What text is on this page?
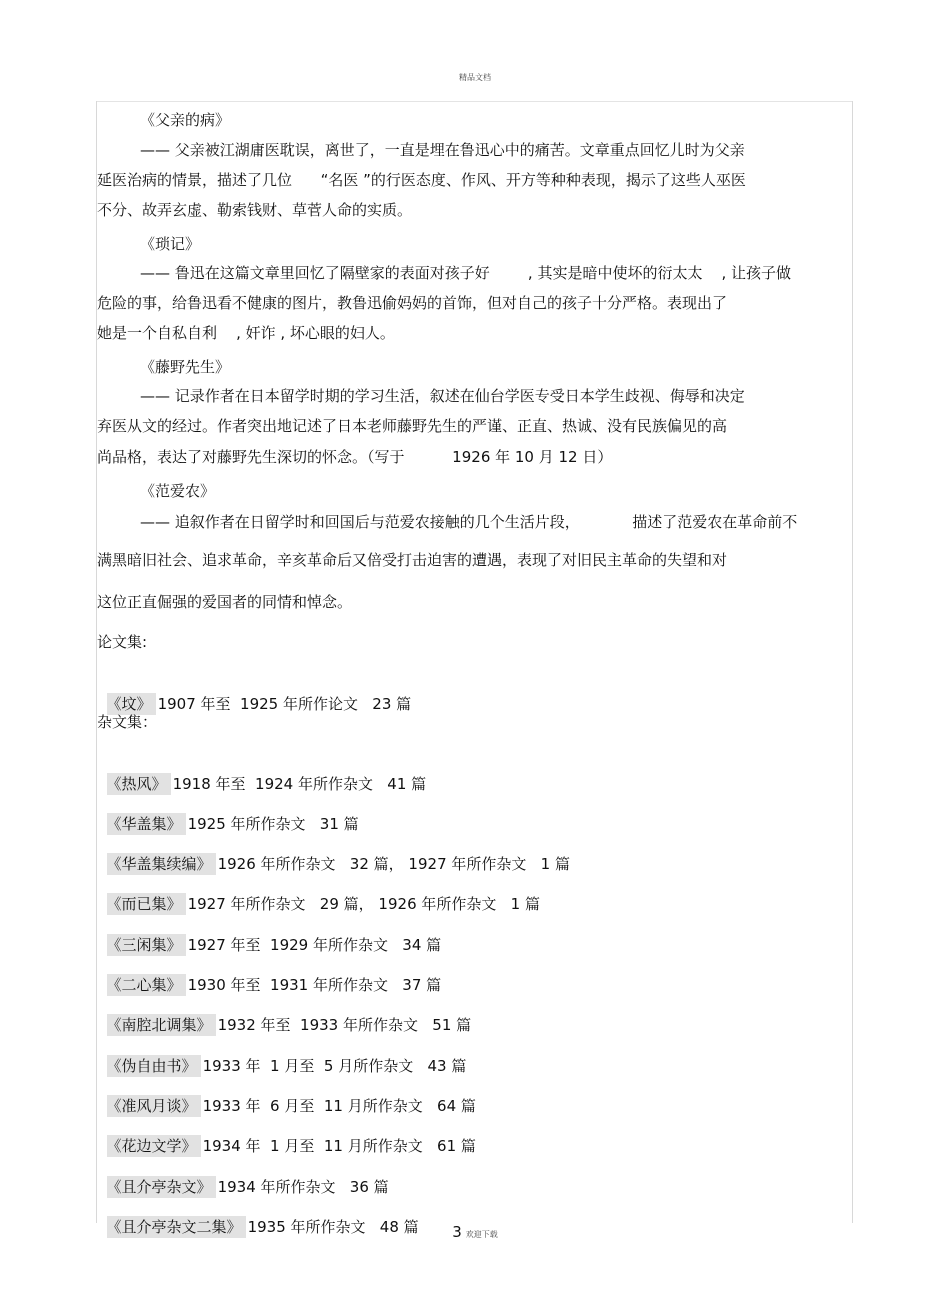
精品文档
《父亲的病》
—— 父亲被江湖庸医耽误，离世了，一直是埋在鲁迅心中的痛苦。文章重点回忆儿时为父亲
延医治病的情景，描述了几位      “名医 ”的行医态度、作风、开方等种种表现，揭示了这些人巫医
不分、故弄玄虚、勒索钱财、草菅人命的实质。
《琐记》
—— 鲁迅在这篇文章里回忆了隔壁家的表面对孩子好        , 其实是暗中使坏的衍太太    , 让孩子做
危险的事，给鲁迅看不健康的图片，教鲁迅偷妈妈的首饰，但对自己的孩子十分严格。表现出了
她是一个自私自利    , 奸诈 , 坏心眼的妇人。
《藤野先生》
—— 记录作者在日本留学时期的学习生活，叙述在仙台学医专受日本学生歧视、侮辱和决定
弃医从文的经过。作者突出地记述了日本老师藤野先生的严谨、正直、热诚、没有民族偏见的高
尚品格，表达了对藤野先生深切的怀念。（写于          1926 年 10 月 12 日）
《范爱农》
—— 追叙作者在日留学时和回国后与范爱农接触的几个生活片段，           描述了范爱农在革命前不
满黑暗旧社会、追求革命，辛亥革命后又倍受打击迫害的遭遇，表现了对旧民主革命的失望和对
这位正直倔强的爱国者的同情和悼念。
论文集:

《坟》 1907 年至  1925 年所作论文   23 篇

杂文集：

《热风》 1918 年至  1924 年所作杂文   41 篇

《华盖集》 1925 年所作杂文   31 篇

《华盖集续编》 1926 年所作杂文   32 篇， 1927 年所作杂文   1 篇

《而已集》 1927 年所作杂文   29 篇， 1926 年所作杂文   1 篇

《三闲集》 1927 年至  1929 年所作杂文   34 篇

《二心集》 1930 年至  1931 年所作杂文   37 篇

《南腔北调集》 1932 年至  1933 年所作杂文   51 篇

《伪自由书》 1933 年  1 月至  5 月所作杂文   43 篇

《准风月谈》 1933 年  6 月至  11 月所作杂文   64 篇

《花边文学》 1934 年  1 月至  11 月所作杂文   61 篇

《且介亭杂文》 1934 年所作杂文   36 篇

《且介亭杂文二集》 1935 年所作杂文   48 篇	3 欢迎下载
